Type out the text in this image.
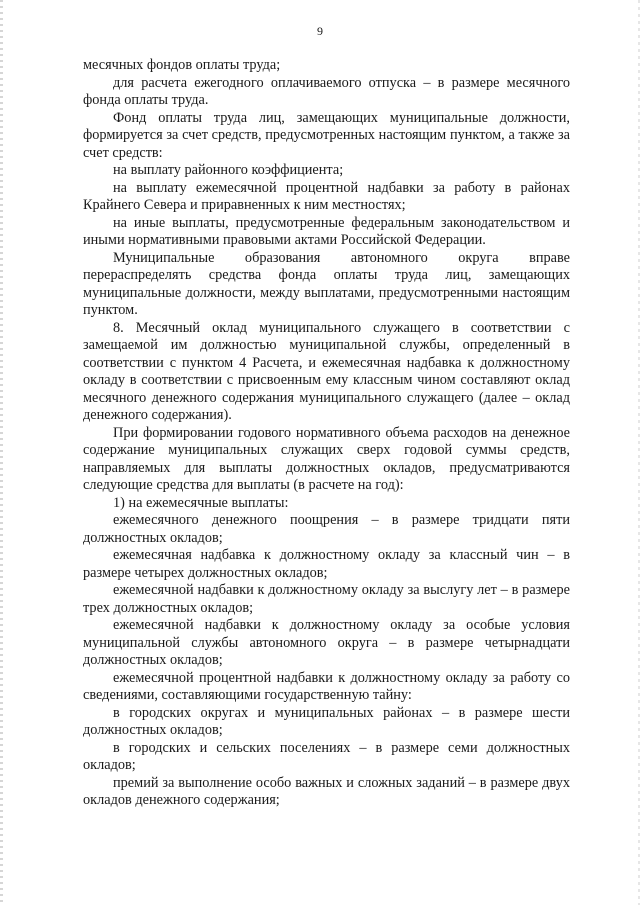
9

месячных фондов оплаты труда;

для расчета ежегодного оплачиваемого отпуска – в размере месячного фонда оплаты труда.

Фонд оплаты труда лиц, замещающих муниципальные должности, формируется за счет средств, предусмотренных настоящим пунктом, а также за счет средств:

на выплату районного коэффициента;

на выплату ежемесячной процентной надбавки за работу в районах Крайнего Севера и приравненных к ним местностях;

на иные выплаты, предусмотренные федеральным законодательством и иными нормативными правовыми актами Российской Федерации.

Муниципальные образования автономного округа вправе перераспределять средства фонда оплаты труда лиц, замещающих муниципальные должности, между выплатами, предусмотренными настоящим пунктом.

8. Месячный оклад муниципального служащего в соответствии с замещаемой им должностью муниципальной службы, определенный в соответствии с пунктом 4 Расчета, и ежемесячная надбавка к должностному окладу в соответствии с присвоенным ему классным чином составляют оклад месячного денежного содержания муниципального служащего (далее – оклад денежного содержания).

При формировании годового нормативного объема расходов на денежное содержание муниципальных служащих сверх годовой суммы средств, направляемых для выплаты должностных окладов, предусматриваются следующие средства для выплаты (в расчете на год):

1) на ежемесячные выплаты:

ежемесячного денежного поощрения – в размере тридцати пяти должностных окладов;

ежемесячная надбавка к должностному окладу за классный чин – в размере четырех должностных окладов;

ежемесячной надбавки к должностному окладу за выслугу лет – в размере трех должностных окладов;

ежемесячной надбавки к должностному окладу за особые условия муниципальной службы автономного округа – в размере четырнадцати должностных окладов;

ежемесячной процентной надбавки к должностному окладу за работу со сведениями, составляющими государственную тайну:

в городских округах и муниципальных районах – в размере шести должностных окладов;

в городских и сельских поселениях – в размере семи должностных окладов;

премий за выполнение особо важных и сложных заданий – в размере двух окладов денежного содержания;
